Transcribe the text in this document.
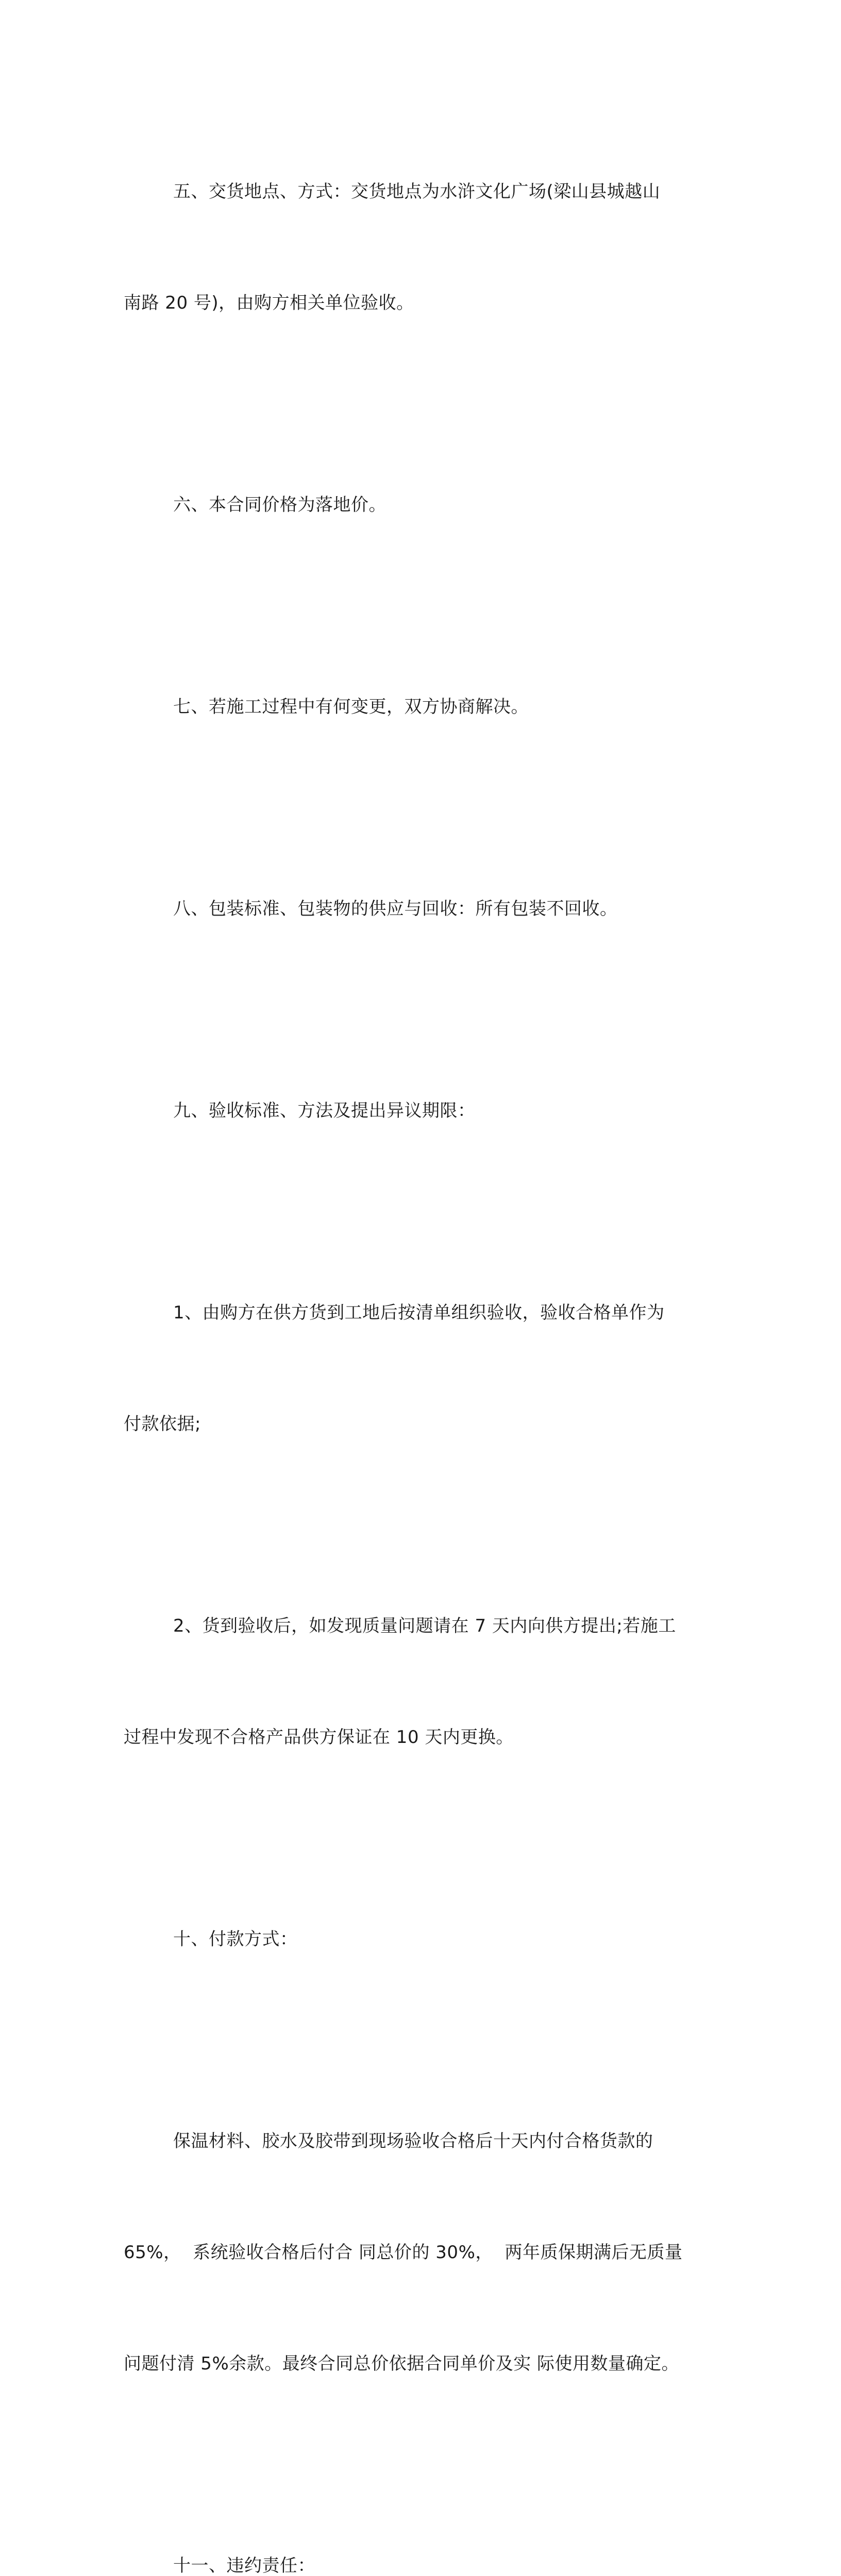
五、交货地点、方式：交货地点为水浒文化广场(梁山县城越山

南路 20 号)，由购方相关单位验收。

六、本合同价格为落地价。

七、若施工过程中有何变更，双方协商解决。

八、包装标准、包装物的供应与回收：所有包装不回收。

九、验收标准、方法及提出异议期限：

1、由购方在供方货到工地后按清单组织验收，验收合格单作为

付款依据;

2、货到验收后，如发现质量问题请在 7 天内向供方提出;若施工

过程中发现不合格产品供方保证在 10 天内更换。

十、付款方式：

保温材料、胶水及胶带到现场验收合格后十天内付合格货款的

65%，  系统验收合格后付合 同总价的 30%，  两年质保期满后无质量

问题付清 5%余款。最终合同总价依据合同单价及实 际使用数量确定。

十一、违约责任：
